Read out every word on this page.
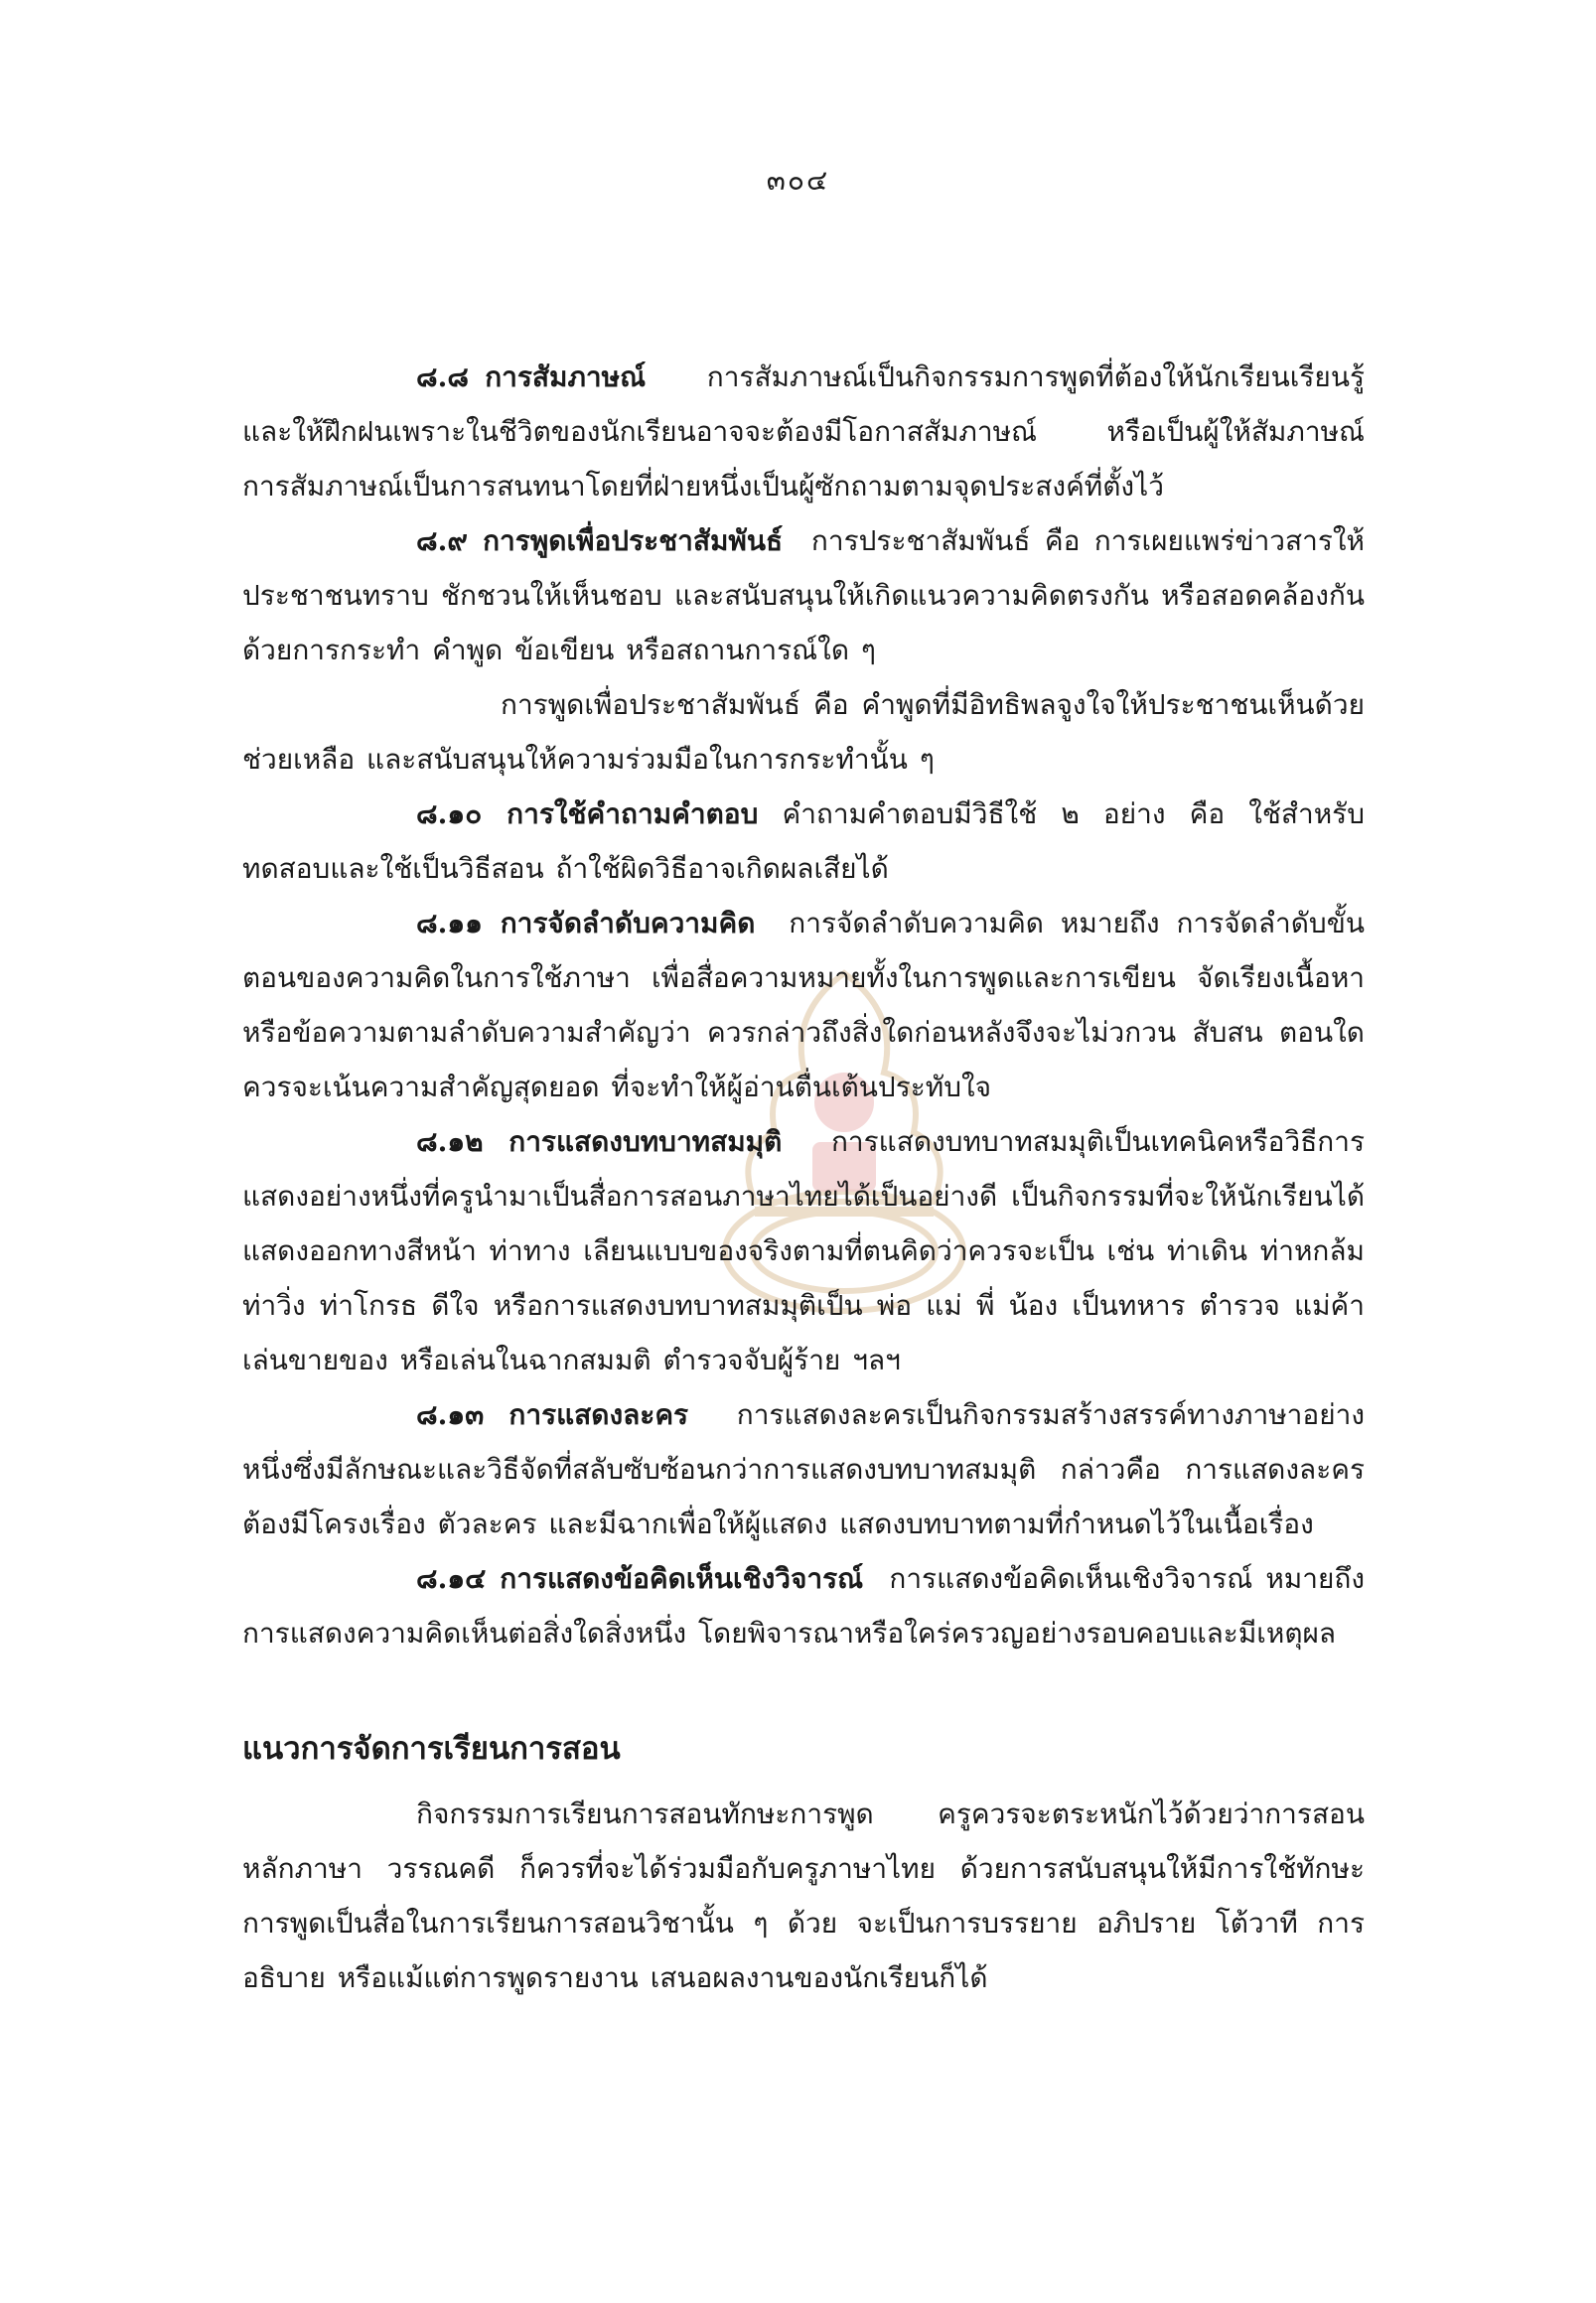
๓๐๔

๘.๘ การสัมภาษณ์ การสัมภาษณ์เป็นกิจกรรมการพูดที่ต้องให้นักเรียนเรียนรู้และให้ฝึกฝนเพราะในชีวิตของนักเรียนอาจจะต้องมีโอกาสสัมภาษณ์ หรือเป็นผู้ให้สัมภาษณ์ การสัมภาษณ์เป็นการสนทนาโดยที่ฝ่ายหนึ่งเป็นผู้ซักถามตามจุดประสงค์ที่ตั้งไว้

๘.๙ การพูดเพื่อประชาสัมพันธ์ การประชาสัมพันธ์ คือ การเผยแพร่ข่าวสารให้ประชาชนทราบ ชักชวนให้เห็นชอบ และสนับสนุนให้เกิดแนวความคิดตรงกัน หรือสอดคล้องกันด้วยการกระทำ คำพูด ข้อเขียน หรือสถานการณ์ใด ๆ

การพูดเพื่อประชาสัมพันธ์ คือ คำพูดที่มีอิทธิพลจูงใจให้ประชาชนเห็นด้วย ช่วยเหลือ และสนับสนุนให้ความร่วมมือในการกระทำนั้น ๆ

๘.๑๐ การใช้คำถามคำตอบ คำถามคำตอบมีวิธีใช้ ๒ อย่าง คือ ใช้สำหรับทดสอบและใช้เป็นวิธีสอน ถ้าใช้ผิดวิธีอาจเกิดผลเสียได้

๘.๑๑ การจัดลำดับความคิด การจัดลำดับความคิด หมายถึง การจัดลำดับขั้นตอนของความคิดในการใช้ภาษา เพื่อสื่อความหมายทั้งในการพูดและการเขียน จัดเรียงเนื้อหาหรือข้อความตามลำดับความสำคัญว่า ควรกล่าวถึงสิ่งใดก่อนหลังจึงจะไม่วกวน สับสน ตอนใดควรจะเน้นความสำคัญสุดยอด ที่จะทำให้ผู้อ่านตื่นเต้นประทับใจ

๘.๑๒ การแสดงบทบาทสมมุติ การแสดงบทบาทสมมุติเป็นเทคนิคหรือวิธีการแสดงอย่างหนึ่งที่ครูนำมาเป็นสื่อการสอนภาษาไทยได้เป็นอย่างดี เป็นกิจกรรมที่จะให้นักเรียนได้แสดงออกทางสีหน้า ท่าทาง เลียนแบบของจริงตามที่ตนคิดว่าควรจะเป็น เช่น ท่าเดิน ท่าหกล้ม ท่าวิ่ง ท่าโกรธ ดีใจ หรือการแสดงบทบาทสมมุติเป็น พ่อ แม่ พี่ น้อง เป็นทหาร ตำรวจ แม่ค้า เล่นขายของ หรือเล่นในฉากสมมติ ตำรวจจับผู้ร้าย ฯลฯ

๘.๑๓ การแสดงละคร การแสดงละครเป็นกิจกรรมสร้างสรรค์ทางภาษาอย่างหนึ่งซึ่งมีลักษณะและวิธีจัดที่สลับซับซ้อนกว่าการแสดงบทบาทสมมุติ กล่าวคือ การแสดงละครต้องมีโครงเรื่อง ตัวละคร และมีฉากเพื่อให้ผู้แสดง แสดงบทบาทตามที่กำหนดไว้ในเนื้อเรื่อง

๘.๑๔ การแสดงข้อคิดเห็นเชิงวิจารณ์ การแสดงข้อคิดเห็นเชิงวิจารณ์ หมายถึงการแสดงความคิดเห็นต่อสิ่งใดสิ่งหนึ่ง โดยพิจารณาหรือใคร่ครวญอย่างรอบคอบและมีเหตุผล

แนวการจัดการเรียนการสอน

กิจกรรมการเรียนการสอนทักษะการพูด ครูควรจะตระหนักไว้ด้วยว่าการสอนหลักภาษา วรรณคดี ก็ควรที่จะได้ร่วมมือกับครูภาษาไทย ด้วยการสนับสนุนให้มีการใช้ทักษะการพูดเป็นสื่อในการเรียนการสอนวิชานั้น ๆ ด้วย จะเป็นการบรรยาย อภิปราย โต้วาที การอธิบาย หรือแม้แต่การพูดรายงาน เสนอผลงานของนักเรียนก็ได้
